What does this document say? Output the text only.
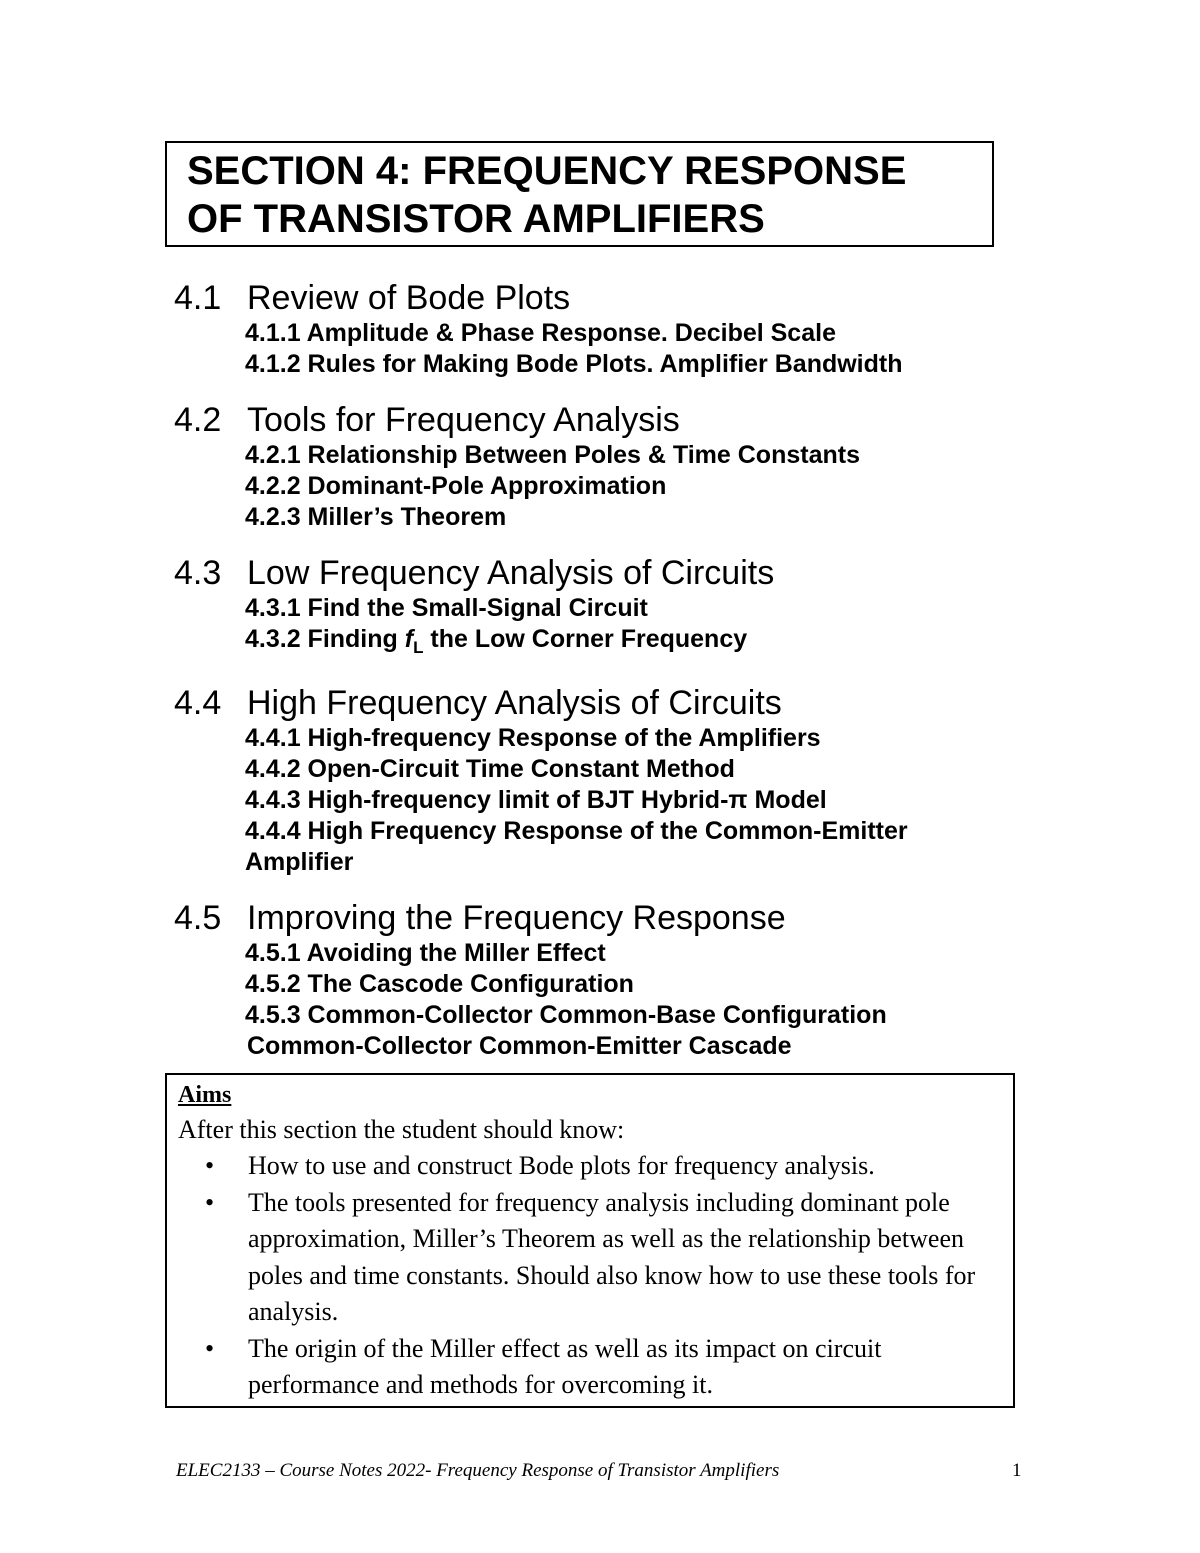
SECTION 4: FREQUENCY RESPONSE
OF TRANSISTOR AMPLIFIERS
4.1 Review of Bode Plots
4.1.1 Amplitude & Phase Response. Decibel Scale
4.1.2 Rules for Making Bode Plots. Amplifier Bandwidth
4.2 Tools for Frequency Analysis
4.2.1 Relationship Between Poles & Time Constants
4.2.2 Dominant-Pole Approximation
4.2.3 Miller’s Theorem
4.3 Low Frequency Analysis of Circuits
4.3.1 Find the Small-Signal Circuit
4.3.2 Finding $f_L$ the Low Corner Frequency
4.4 High Frequency Analysis of Circuits
4.4.1 High-frequency Response of the Amplifiers
4.4.2 Open-Circuit Time Constant Method
4.4.3 High-frequency limit of BJT Hybrid-π Model
4.4.4 High Frequency Response of the Common-Emitter Amplifier
4.5 Improving the Frequency Response
4.5.1 Avoiding the Miller Effect
4.5.2 The Cascode Configuration
4.5.3 Common-Collector Common-Base Configuration
Common-Collector Common-Emitter Cascade
Aims
After this section the student should know:
• How to use and construct Bode plots for frequency analysis.
• The tools presented for frequency analysis including dominant pole approximation, Miller’s Theorem as well as the relationship between poles and time constants. Should also know how to use these tools for analysis.
• The origin of the Miller effect as well as its impact on circuit performance and methods for overcoming it.
ELEC2133 – Course Notes 2022- Frequency Response of Transistor Amplifiers	1
